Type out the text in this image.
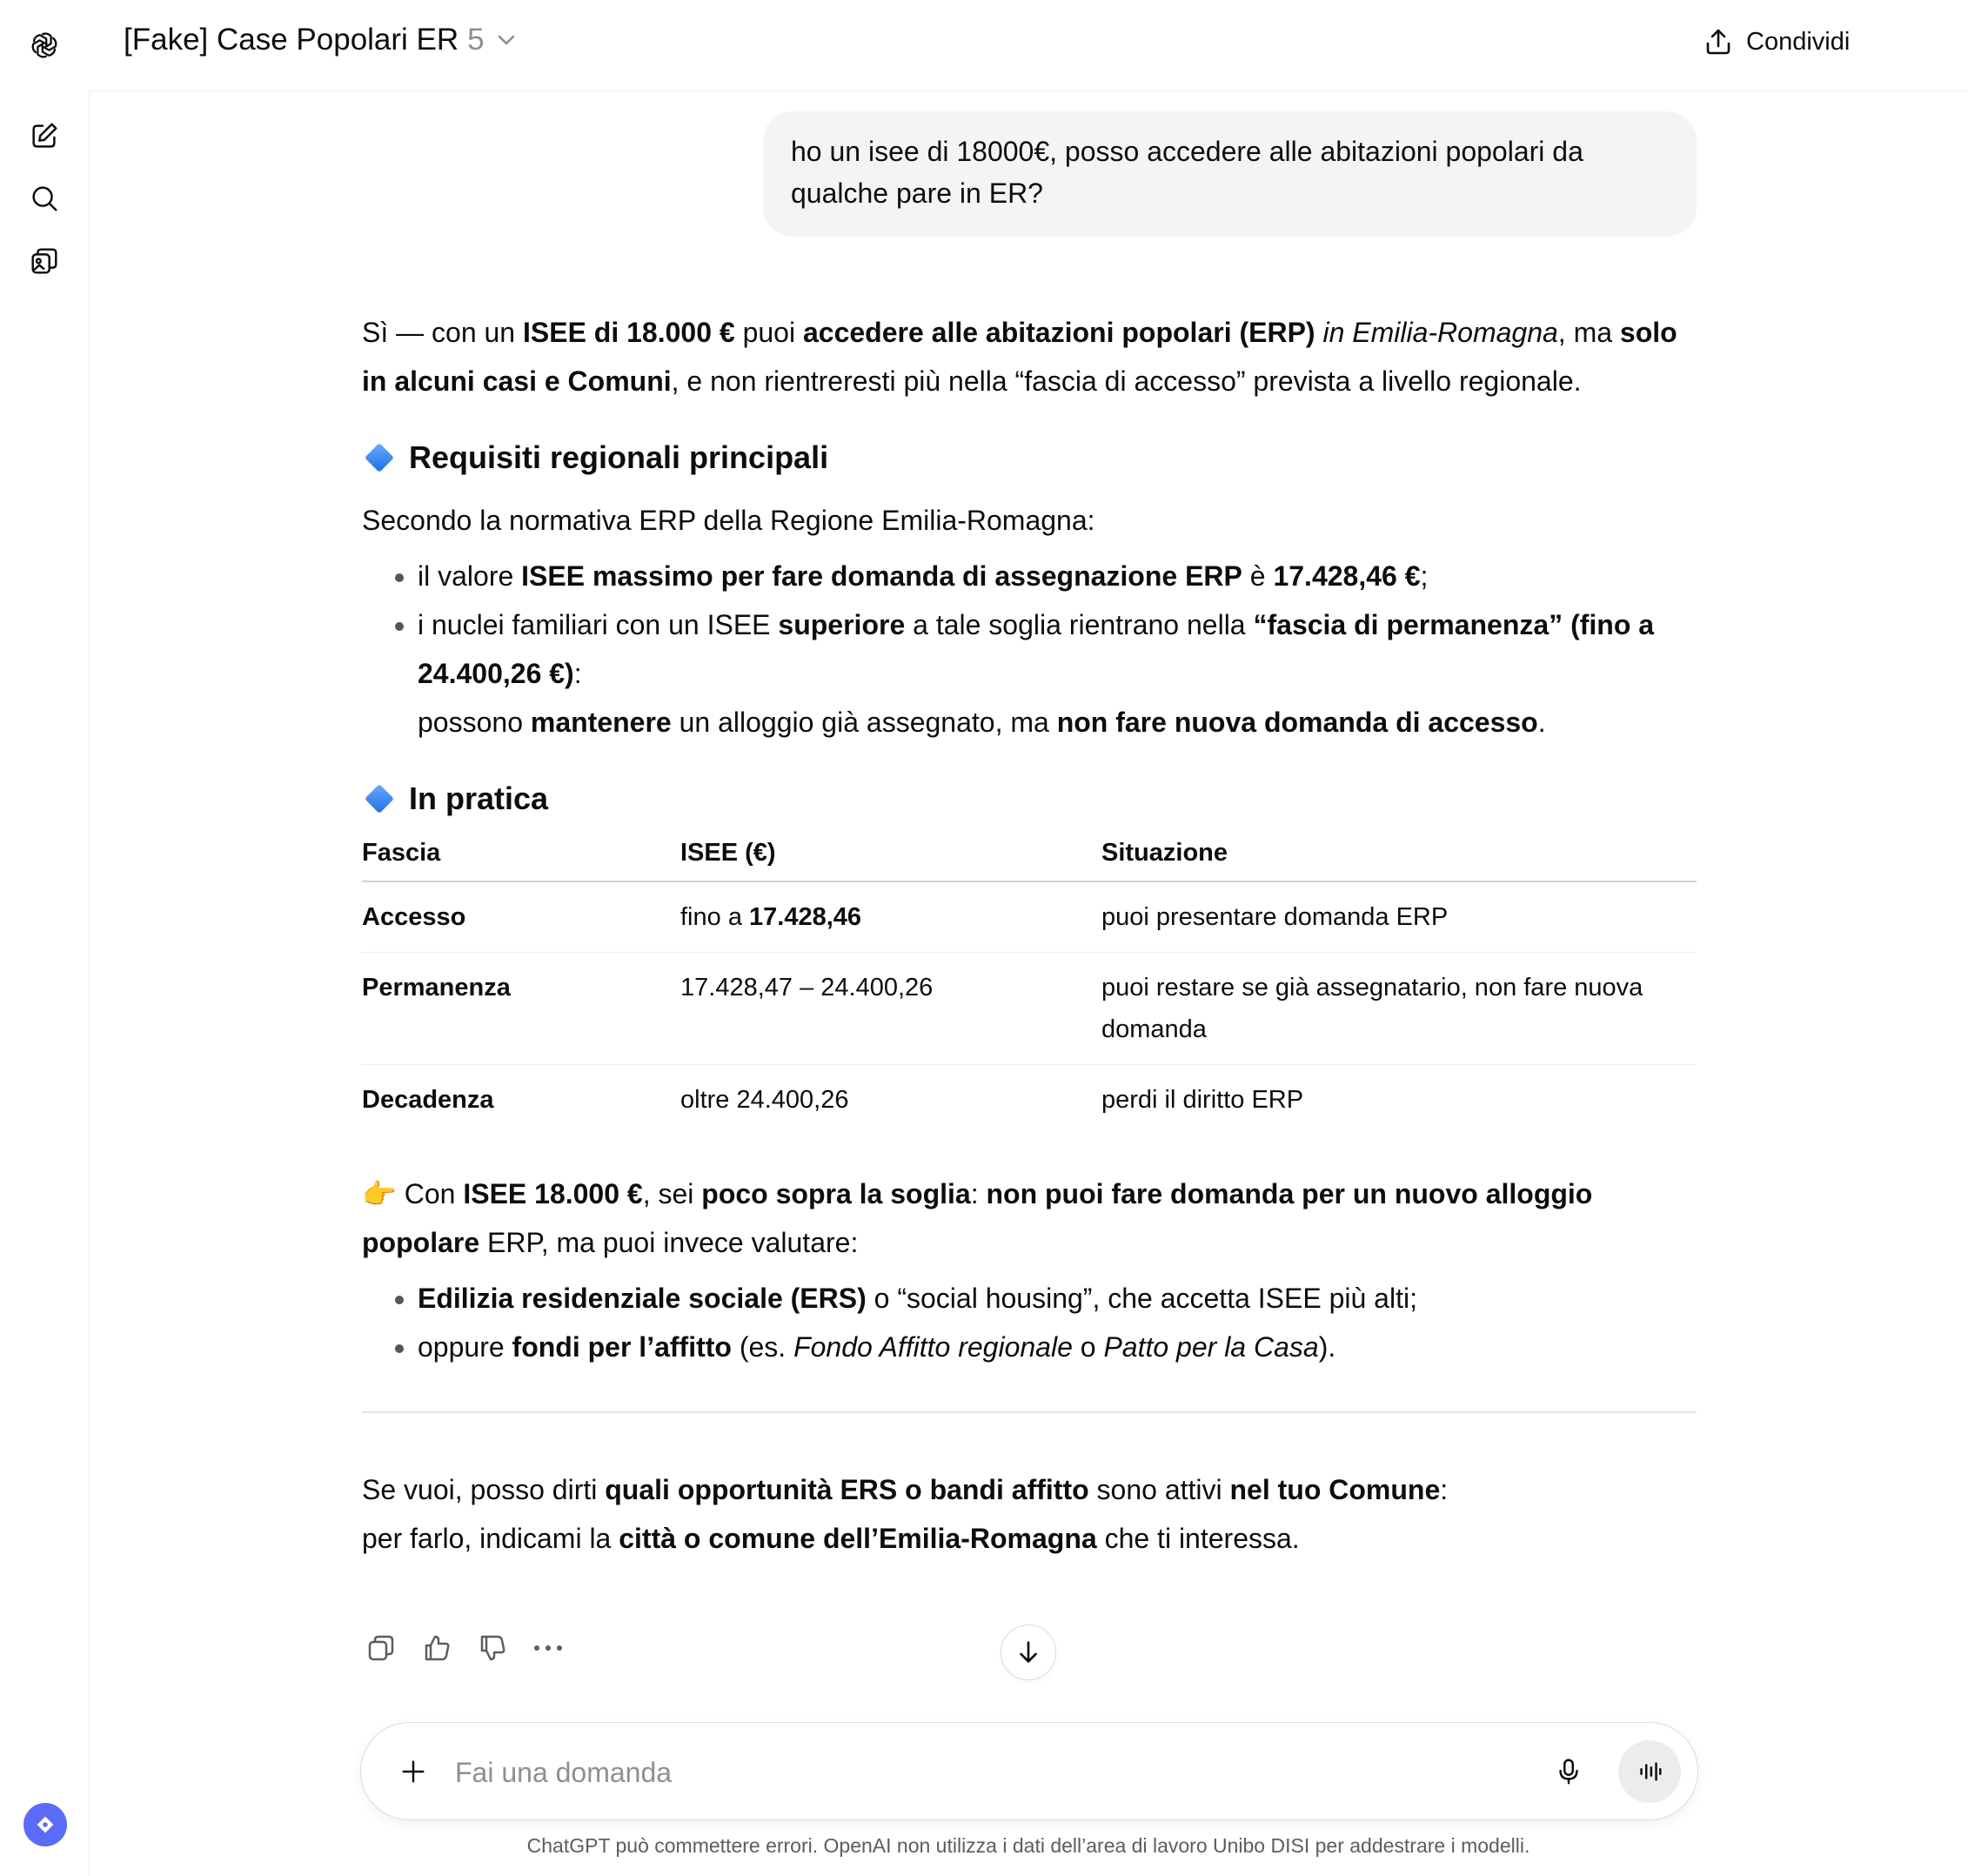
[Fake] Case Popolari ER 5	Condividi
ho un isee di 18000€, posso accedere alle abitazioni popolari da qualche pare in ER?

Sì — con un ISEE di 18.000 € puoi accedere alle abitazioni popolari (ERP) in Emilia-Romagna, ma solo in alcuni casi e Comuni, e non rientreresti più nella “fascia di accesso” prevista a livello regionale.

Requisiti regionali principali

Secondo la normativa ERP della Regione Emilia-Romagna:

• il valore ISEE massimo per fare domanda di assegnazione ERP è 17.428,46 €;
• i nuclei familiari con un ISEE superiore a tale soglia rientrano nella “fascia di permanenza” (fino a 24.400,26 €):
possono mantenere un alloggio già assegnato, ma non fare nuova domanda di accesso.
In pratica
Fascia	ISEE (€)	Situazione
Accesso	fino a 17.428,46	puoi presentare domanda ERP
Permanenza	17.428,47 – 24.400,26	puoi restare se già assegnatario, non fare nuova domanda
Decadenza	oltre 24.400,26	perdi il diritto ERP

👉 Con ISEE 18.000 €, sei poco sopra la soglia: non puoi fare domanda per un nuovo alloggio popolare ERP, ma puoi invece valutare:

• Edilizia residenziale sociale (ERS) o “social housing”, che accetta ISEE più alti;
• oppure fondi per l’affitto (es. Fondo Affitto regionale o Patto per la Casa).

Se vuoi, posso dirti quali opportunità ERS o bandi affitto sono attivi nel tuo Comune:
per farlo, indicami la città o comune dell’Emilia-Romagna che ti interessa.

Fai una domanda
ChatGPT può commettere errori. OpenAI non utilizza i dati dell’area di lavoro Unibo DISI per addestrare i modelli.
